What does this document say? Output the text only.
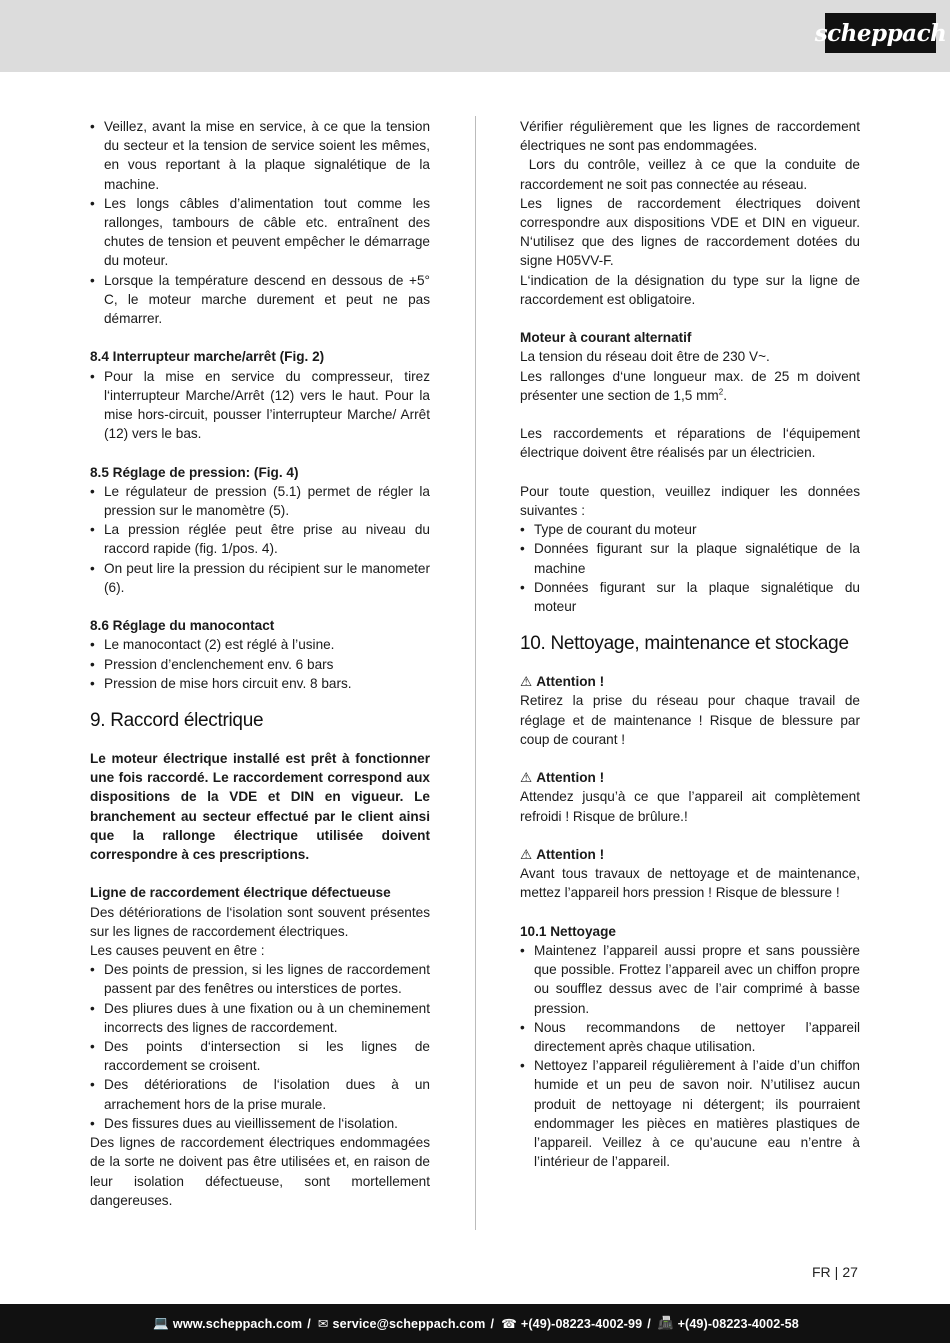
scheppach
• Veillez, avant la mise en service, à ce que la tension du secteur et la tension de service soient les mêmes, en vous reportant à la plaque signalétique de la machine.
• Les longs câbles d’alimentation tout comme les rallonges, tambours de câble etc. entraînent des chutes de tension et peuvent empêcher le démarrage du moteur.
• Lorsque la température descend en dessous de +5° C, le moteur marche durement et peut ne pas démarrer.

8.4 Interrupteur marche/arrêt (Fig. 2)

• Pour la mise en service du compresseur, tirez l‘interrupteur Marche/Arrêt (12) vers le haut. Pour la mise hors-circuit, pousser l’interrupteur Marche/ Arrêt (12) vers le bas.

8.5 Réglage de pression: (Fig. 4)

• Le régulateur de pression (5.1) permet de régler la pression sur le manomètre (5).
• La pression réglée peut être prise au niveau du raccord rapide (fig. 1/pos. 4).
• On peut lire la pression du récipient sur le manometer (6).

8.6 Réglage du manocontact

• Le manocontact (2) est réglé à l’usine.
• Pression d’enclenchement env. 6 bars
• Pression de mise hors circuit env. 8 bars.
9. Raccord électrique

Le moteur électrique installé est prêt à fonctionner une fois raccordé. Le raccordement correspond aux dispositions de la VDE et DIN en vigueur. Le branchement au secteur effectué par le client ainsi que la rallonge électrique utilisée doivent correspondre à ces prescriptions.

Ligne de raccordement électrique défectueuse

Des détériorations de l‘isolation sont souvent présentes sur les lignes de raccordement électriques.

Les causes peuvent en être :

• Des points de pression, si les lignes de raccordement passent par des fenêtres ou interstices de portes.
• Des pliures dues à une fixation ou à un cheminement incorrects des lignes de raccordement.
• Des points d‘intersection si les lignes de raccordement se croisent.
• Des détériorations de l‘isolation dues à un arrachement hors de la prise murale.
• Des fissures dues au vieillissement de l‘isolation.

Des lignes de raccordement électriques endommagées de la sorte ne doivent pas être utilisées et, en raison de leur isolation défectueuse, sont mortellement dangereuses.

Vérifier régulièrement que les lignes de raccordement électriques ne sont pas endommagées.

Lors du contrôle, veillez à ce que la conduite de raccordement ne soit pas connectée au réseau.

Les lignes de raccordement électriques doivent correspondre aux dispositions VDE et DIN en vigueur. N‘utilisez que des lignes de raccordement dotées du signe H05VV-F.

L‘indication de la désignation du type sur la ligne de raccordement est obligatoire.

Moteur à courant alternatif

La tension du réseau doit être de 230 V~.

Les rallonges d‘une longueur max. de 25 m doivent présenter une section de 1,5 $mm^2$.

Les raccordements et réparations de l‘équipement électrique doivent être réalisés par un électricien.

Pour toute question, veuillez indiquer les données suivantes :

• Type de courant du moteur
• Données figurant sur la plaque signalétique de la machine
• Données figurant sur la plaque signalétique du moteur
10. Nettoyage, maintenance et stockage

⚠ Attention !

Retirez la prise du réseau pour chaque travail de réglage et de maintenance ! Risque de blessure par coup de courant !

⚠ Attention !

Attendez jusqu’à ce que l’appareil ait complètement refroidi ! Risque de brûlure.!

⚠ Attention !

Avant tous travaux de nettoyage et de maintenance, mettez l’appareil hors pression ! Risque de blessure !

10.1 Nettoyage

• Maintenez l’appareil aussi propre et sans poussière que possible. Frottez l’appareil avec un chiffon propre ou soufflez dessus avec de l’air comprimé à basse pression.
• Nous recommandons de nettoyer l’appareil directement après chaque utilisation.
• Nettoyez l’appareil régulièrement à l’aide d’un chiffon humide et un peu de savon noir. N’utilisez aucun produit de nettoyage ni détergent; ils pourraient endommager les pièces en matières plastiques de l’appareil. Veillez à ce qu’aucune eau n’entre à l’intérieur de l’appareil.
FR | 27
💻 www.scheppach.com / ✉ service@scheppach.com / ☎ +(49)-08223-4002-99 / 📠 +(49)-08223-4002-58
